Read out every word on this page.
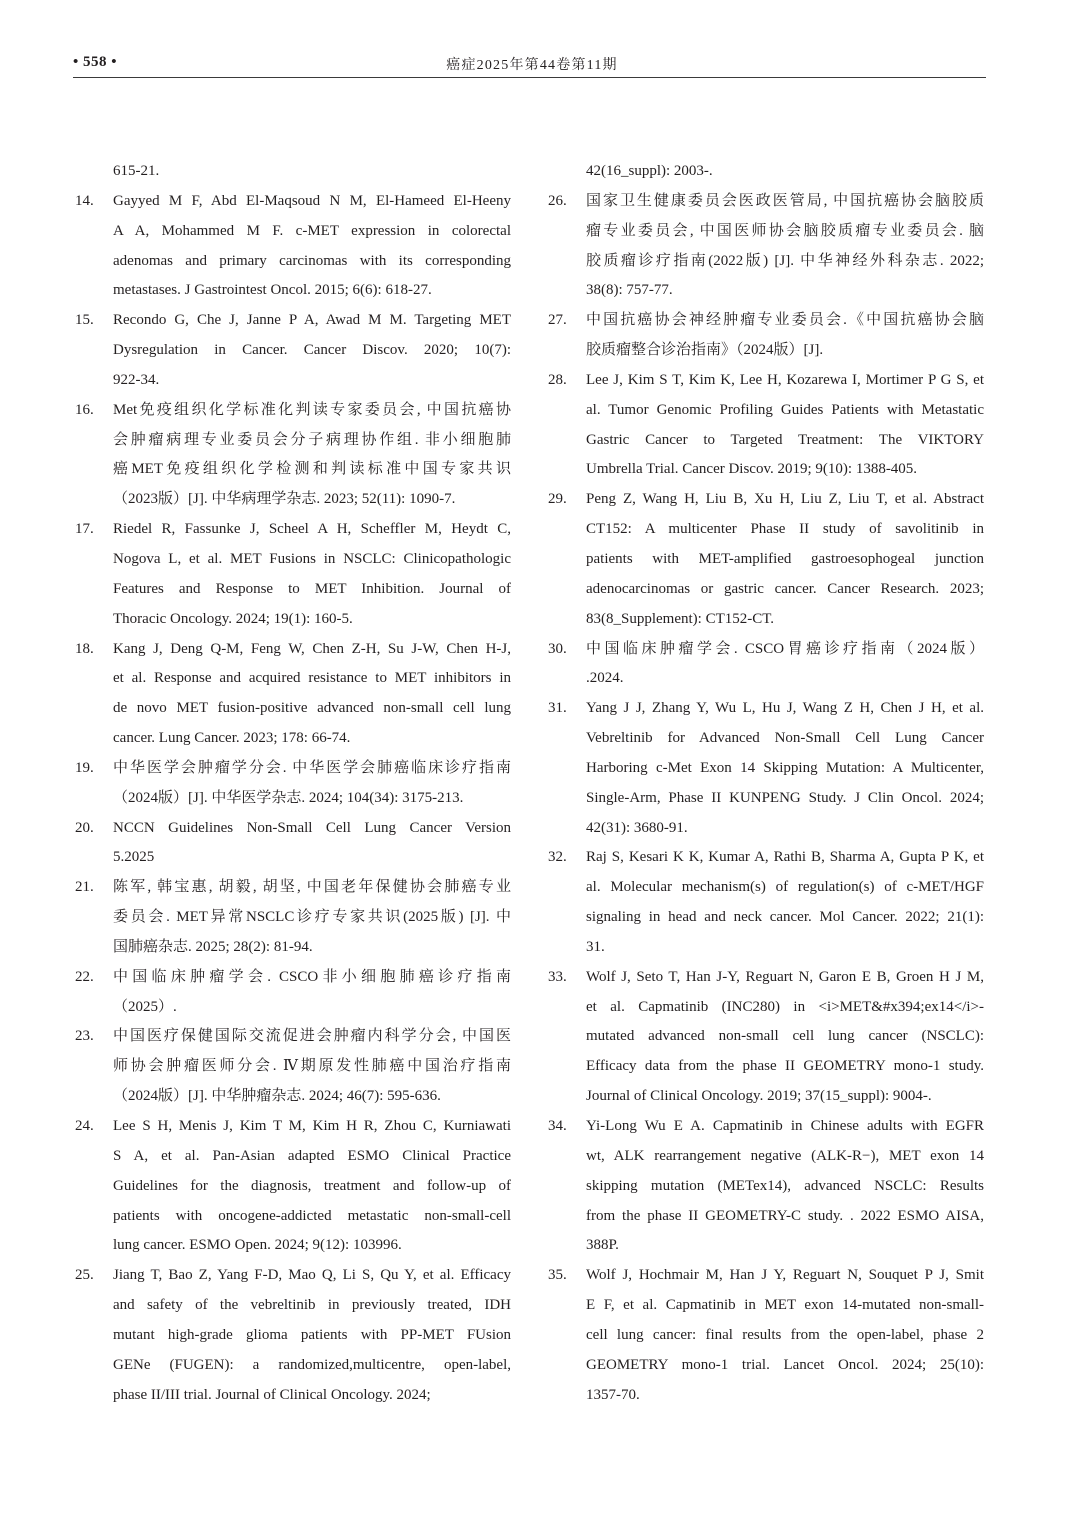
• 558 •	癌症2025年第44卷第11期
615-21.
14.	Gayyed M F, Abd El-Maqsoud N M, El-Hameed El-Heeny
A A, Mohammed M F. c-MET expression in colorectal
adenomas and primary carcinomas with its corresponding
metastases. J Gastrointest Oncol. 2015; 6(6): 618-27.
15.	Recondo G, Che J, Janne P A, Awad M M. Targeting MET
Dysregulation in Cancer. Cancer Discov. 2020; 10(7):
922-34.
16.	Met免疫组织化学标准化判读专家委员会, 中国抗癌协
会肿瘤病理专业委员会分子病理协作组. 非小细胞肺
癌MET免疫组织化学检测和判读标准中国专家共识
（2023版）[J]. 中华病理学杂志. 2023; 52(11): 1090-7.
17.	Riedel R, Fassunke J, Scheel A H, Scheffler M, Heydt C,
Nogova L, et al. MET Fusions in NSCLC: Clinicopathologic
Features and Response to MET Inhibition. Journal of
Thoracic Oncology. 2024; 19(1): 160-5.
18.	Kang J, Deng Q-M, Feng W, Chen Z-H, Su J-W, Chen H-J,
et al. Response and acquired resistance to MET inhibitors in
de novo MET fusion-positive advanced non-small cell lung
cancer. Lung Cancer. 2023; 178: 66-74.
19.	中华医学会肿瘤学分会. 中华医学会肺癌临床诊疗指南
（2024版）[J]. 中华医学杂志. 2024; 104(34): 3175-213.
20.	NCCN Guidelines Non-Small Cell Lung Cancer Version
5.2025
21.	陈军, 韩宝惠, 胡毅, 胡坚, 中国老年保健协会肺癌专业
委员会. MET异常NSCLC诊疗专家共识(2025版) [J]. 中
国肺癌杂志. 2025; 28(2): 81-94.
22.	中国临床肿瘤学会. CSCO非小细胞肺癌诊疗指南
（2025）.
23.	中国医疗保健国际交流促进会肿瘤内科学分会, 中国医
师协会肿瘤医师分会. Ⅳ期原发性肺癌中国治疗指南
（2024版）[J]. 中华肿瘤杂志. 2024; 46(7): 595-636.
24.	Lee S H, Menis J, Kim T M, Kim H R, Zhou C, Kurniawati
S A, et al. Pan-Asian adapted ESMO Clinical Practice
Guidelines for the diagnosis, treatment and follow-up of
patients with oncogene-addicted metastatic non-small-cell
lung cancer. ESMO Open. 2024; 9(12): 103996.
25.	Jiang T, Bao Z, Yang F-D, Mao Q, Li S, Qu Y, et al. Efficacy
and safety of the vebreltinib in previously treated, IDH
mutant high-grade glioma patients with PP-MET FUsion
GENe (FUGEN): a randomized,multicentre, open-label,
phase II/III trial. Journal of Clinical Oncology. 2024;
42(16_suppl): 2003-.
26.	国家卫生健康委员会医政医管局, 中国抗癌协会脑胶质
瘤专业委员会, 中国医师协会脑胶质瘤专业委员会. 脑
胶质瘤诊疗指南(2022版) [J]. 中华神经外科杂志. 2022;
38(8): 757-77.
27.	中国抗癌协会神经肿瘤专业委员会.《中国抗癌协会脑
胶质瘤整合诊治指南》（2024版）[J].
28.	Lee J, Kim S T, Kim K, Lee H, Kozarewa I, Mortimer P G S, et
al. Tumor Genomic Profiling Guides Patients with Metastatic
Gastric Cancer to Targeted Treatment: The VIKTORY
Umbrella Trial. Cancer Discov. 2019; 9(10): 1388-405.
29.	Peng Z, Wang H, Liu B, Xu H, Liu Z, Liu T, et al. Abstract
CT152: A multicenter Phase II study of savolitinib in
patients with MET-amplified gastroesophogeal junction
adenocarcinomas or gastric cancer. Cancer Research. 2023;
83(8_Supplement): CT152-CT.
30.	中国临床肿瘤学会. CSCO胃癌诊疗指南（2024版）
.2024.
31.	Yang J J, Zhang Y, Wu L, Hu J, Wang Z H, Chen J H, et al.
Vebreltinib for Advanced Non-Small Cell Lung Cancer
Harboring c-Met Exon 14 Skipping Mutation: A Multicenter,
Single-Arm, Phase II KUNPENG Study. J Clin Oncol. 2024;
42(31): 3680-91.
32.	Raj S, Kesari K K, Kumar A, Rathi B, Sharma A, Gupta P K, et
al. Molecular mechanism(s) of regulation(s) of c-MET/HGF
signaling in head and neck cancer. Mol Cancer. 2022; 21(1):
31.
33.	Wolf J, Seto T, Han J-Y, Reguart N, Garon E B, Groen H J M,
et al. Capmatinib (INC280) in <i>MET&#x394;ex14</i>-
mutated advanced non-small cell lung cancer (NSCLC):
Efficacy data from the phase II GEOMETRY mono-1 study.
Journal of Clinical Oncology. 2019; 37(15_suppl): 9004-.
34.	Yi-Long Wu E A. Capmatinib in Chinese adults with EGFR
wt, ALK rearrangement negative (ALK-R−), MET exon 14
skipping mutation (METex14), advanced NSCLC: Results
from the phase II GEOMETRY-C study. . 2022 ESMO AISA,
388P.
35.	Wolf J, Hochmair M, Han J Y, Reguart N, Souquet P J, Smit
E F, et al. Capmatinib in MET exon 14-mutated non-small-
cell lung cancer: final results from the open-label, phase 2
GEOMETRY mono-1 trial. Lancet Oncol. 2024; 25(10):
1357-70.
